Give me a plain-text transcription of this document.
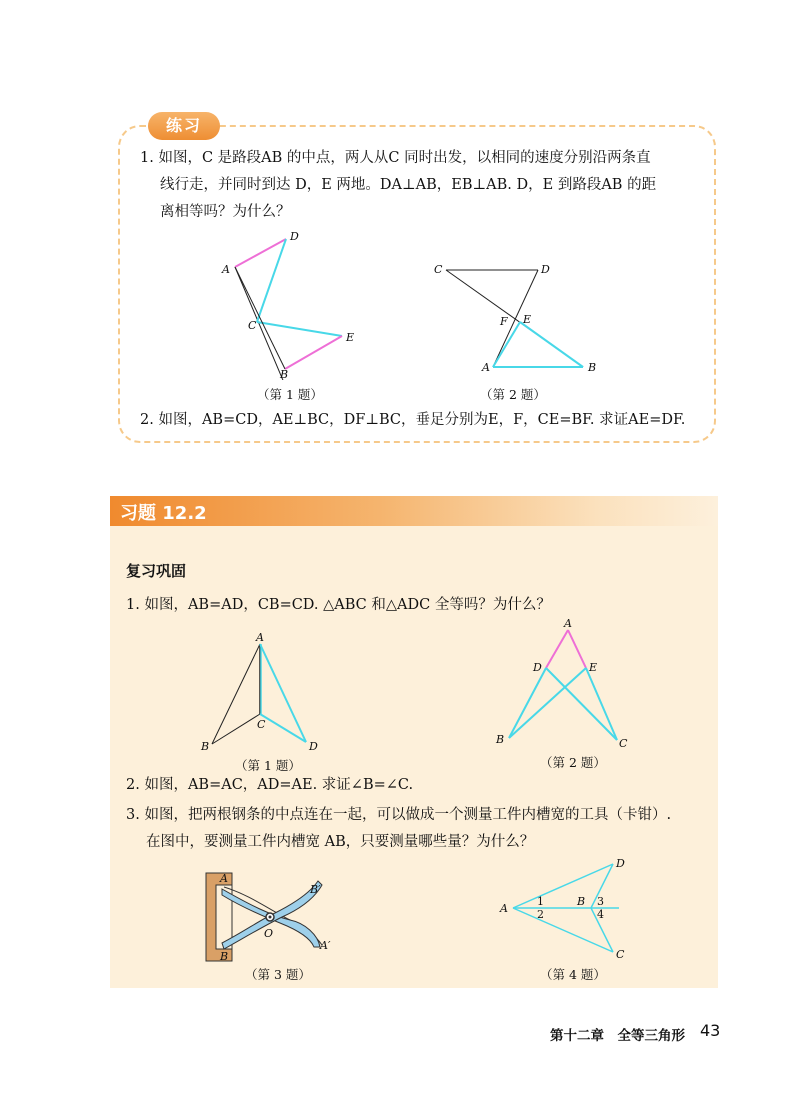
练习
1. 如图，C 是路段AB 的中点，两人从C 同时出发，以相同的速度分别沿两条直
线行走，并同时到达 D，E 两地。DA⊥AB，EB⊥AB. D，E 到路段AB 的距
离相等吗？为什么？
A
D
C
E
B
（第 1 题）
C	D
F E
A	B
（第 2 题）
2. 如图，AB=CD，AE⊥BC，DF⊥BC，垂足分别为E，F，CE=BF. 求证AE=DF.
习题 12.2
复习巩固
1. 如图，AB=AD，CB=CD. △ABC 和△ADC 全等吗？为什么？
A
B
C
D
（第 1 题）
A
D	E
B	C
（第 2 题）
2. 如图，AB=AC，AD=AE. 求证∠B=∠C.
3. 如图，把两根钢条的中点连在一起，可以做成一个测量工件内槽宽的工具（卡钳）.
在图中，要测量工件内槽宽 AB，只要测量哪些量？为什么？
A
B
O
B′
A′
（第 3 题）
A
B
D
C
1
2
3
4
（第 4 题）
第十二章　全等三角形 43
